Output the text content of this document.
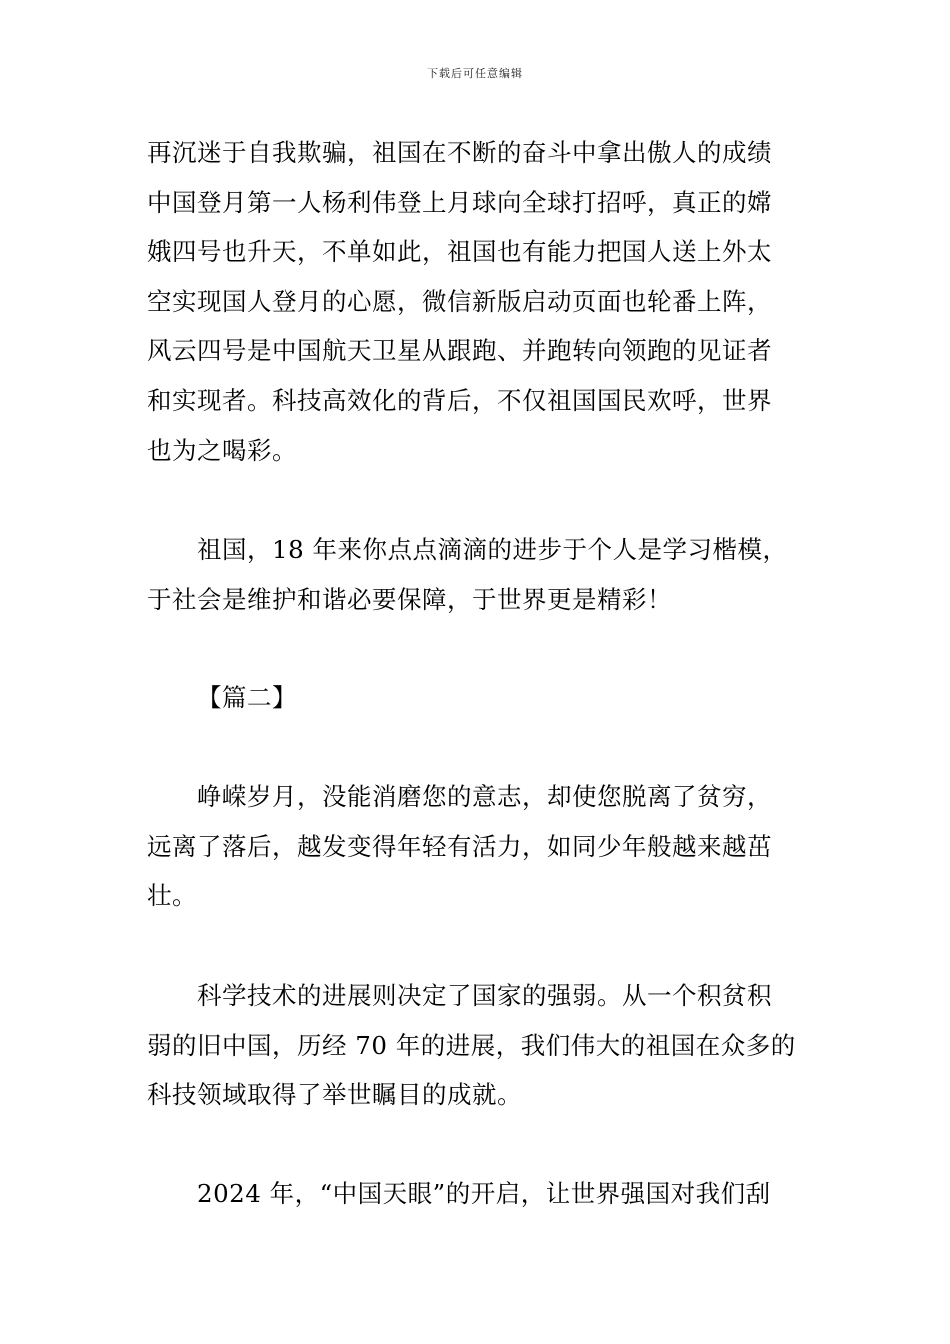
下载后可任意编辑
再沉迷于自我欺骗，祖国在不断的奋斗中拿出傲人的成绩
中国登月第一人杨利伟登上月球向全球打招呼，真正的嫦
娥四号也升天，不单如此，祖国也有能力把国人送上外太
空实现国人登月的心愿，微信新版启动页面也轮番上阵，
风云四号是中国航天卫星从跟跑、并跑转向领跑的见证者
和实现者。科技高效化的背后，不仅祖国国民欢呼，世界
也为之喝彩。
祖国，18 年来你点点滴滴的进步于个人是学习楷模，
于社会是维护和谐必要保障，于世界更是精彩！
【篇二】
峥嵘岁月，没能消磨您的意志，却使您脱离了贫穷，
远离了落后，越发变得年轻有活力，如同少年般越来越茁
壮。
科学技术的进展则决定了国家的强弱。从一个积贫积
弱的旧中国，历经 70 年的进展，我们伟大的祖国在众多的
科技领域取得了举世瞩目的成就。
2024 年，“中国天眼”的开启，让世界强国对我们刮
